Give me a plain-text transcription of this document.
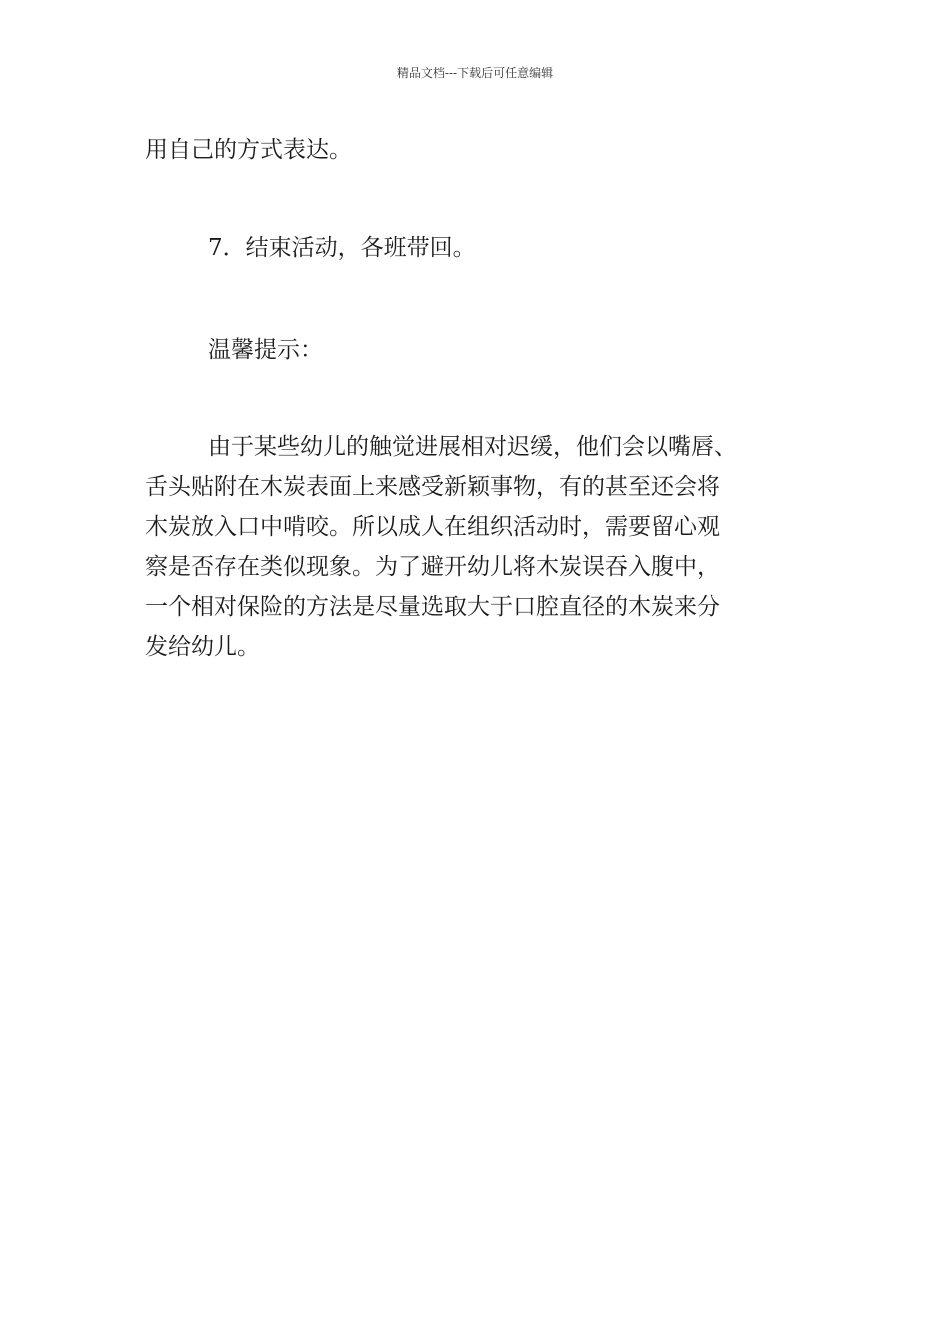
精品文档---下载后可任意编辑

用自己的方式表达。

7．结束活动，各班带回。

温馨提示：

由于某些幼儿的触觉进展相对迟缓，他们会以嘴唇、
舌头贴附在木炭表面上来感受新颖事物，有的甚至还会将
木炭放入口中啃咬。所以成人在组织活动时，需要留心观
察是否存在类似现象。为了避开幼儿将木炭误吞入腹中，
一个相对保险的方法是尽量选取大于口腔直径的木炭来分
发给幼儿。
